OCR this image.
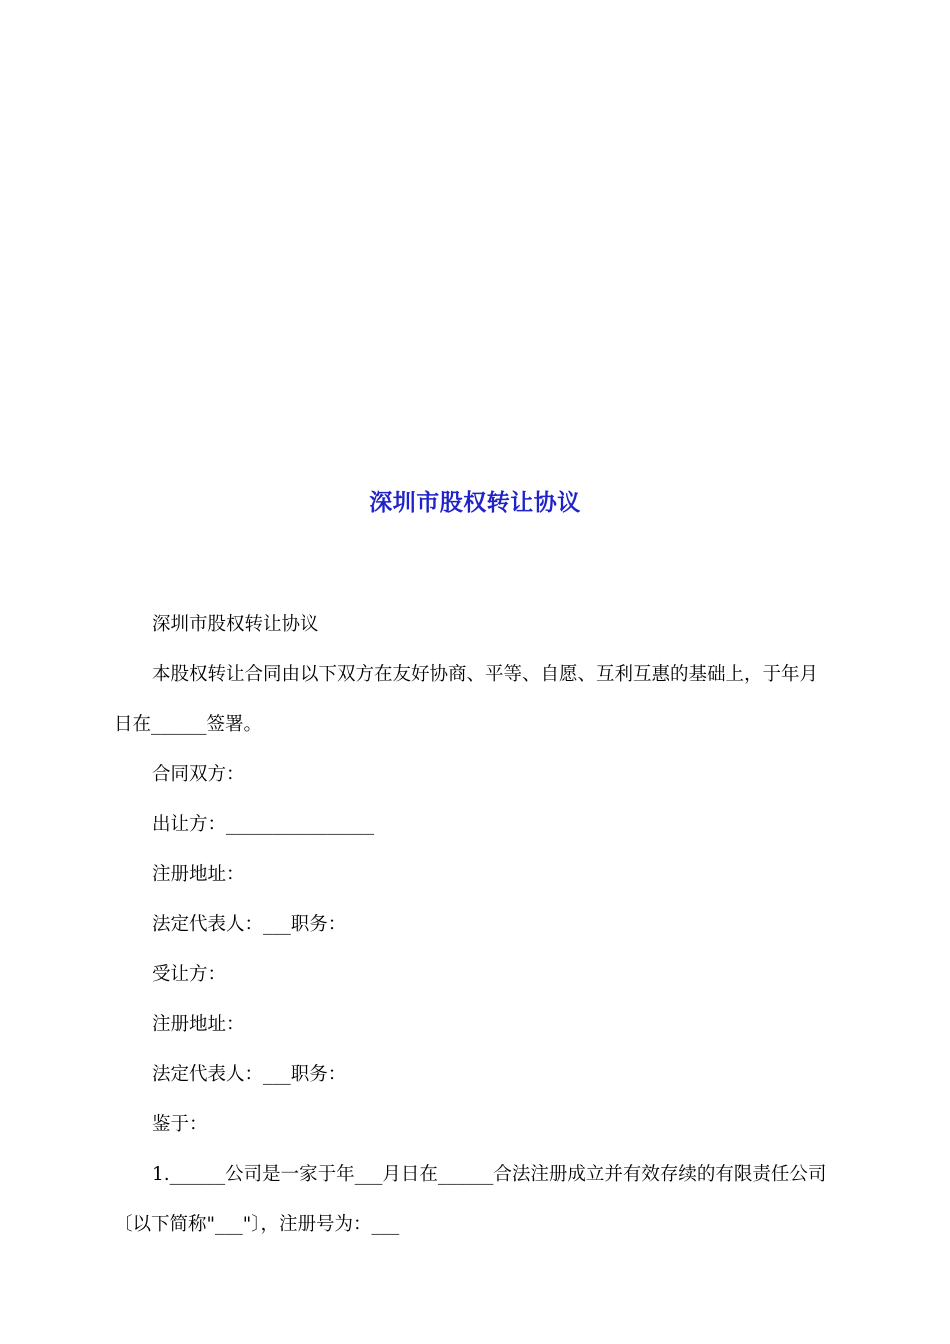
深圳市股权转让协议

深圳市股权转让协议

本股权转让合同由以下双方在友好协商、平等、自愿、互利互惠的基础上，于年月日在______签署。

合同双方：

出让方：________________

注册地址：

法定代表人：___职务：

受让方：

注册地址：

法定代表人：___职务：

鉴于：

1.______公司是一家于年___月日在______合法注册成立并有效存续的有限责任公司〔以下简称"___"〕，注册号为：___
